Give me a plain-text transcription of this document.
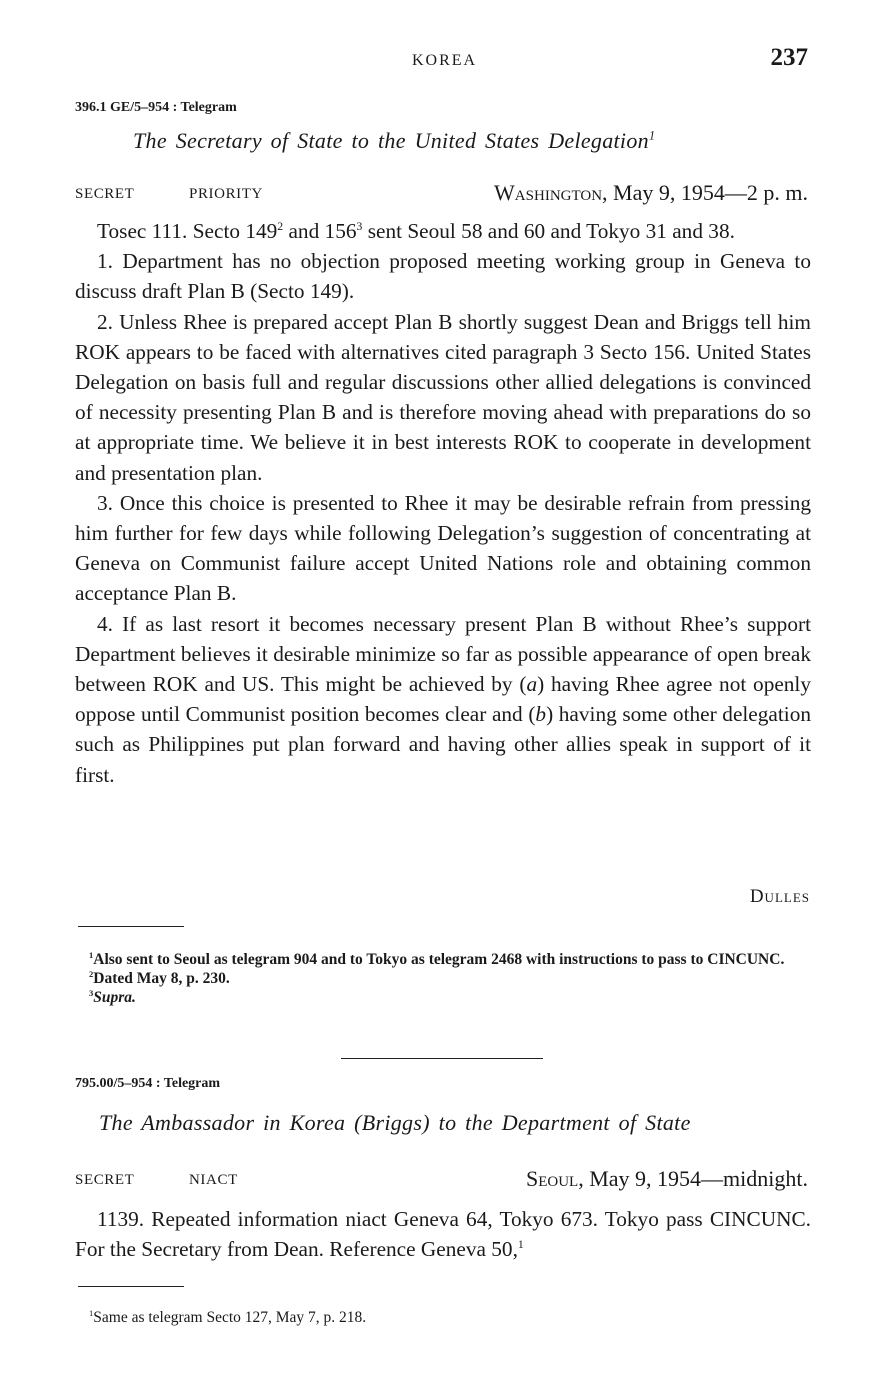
KOREA	237
396.1 GE/5–954 : Telegram
The Secretary of State to the United States Delegation$^1$
SECRET	PRIORITY	Washington, May 9, 1954—2 p. m.

Tosec 111. Secto $149^2$ and $156^3$ sent Seoul 58 and 60 and Tokyo 31 and 38.

1. Department has no objection proposed meeting working group in Geneva to discuss draft Plan B (Secto 149).

2. Unless Rhee is prepared accept Plan B shortly suggest Dean and Briggs tell him ROK appears to be faced with alternatives cited paragraph 3 Secto 156. United States Delegation on basis full and regular discussions other allied delegations is convinced of necessity presenting Plan B and is therefore moving ahead with preparations do so at appropriate time. We believe it in best interests ROK to cooperate in development and presentation plan.

3. Once this choice is presented to Rhee it may be desirable refrain from pressing him further for few days while following Delegation’s suggestion of concentrating at Geneva on Communist failure accept United Nations role and obtaining common acceptance Plan B.

4. If as last resort it becomes necessary present Plan B without Rhee’s support Department believes it desirable minimize so far as possible appearance of open break between ROK and US. This might be achieved by (a) having Rhee agree not openly oppose until Communist position becomes clear and (b) having some other delegation such as Philippines put plan forward and having other allies speak in support of it first.

Dulles
$^1$Also sent to Seoul as telegram 904 and to Tokyo as telegram 2468 with instructions to pass to CINCUNC.
$^2$Dated May 8, p. 230.
$^3$Supra.
795.00/5–954 : Telegram
The Ambassador in Korea (Briggs) to the Department of State
SECRET	NIACT	Seoul, May 9, 1954—midnight.

1139. Repeated information niact Geneva 64, Tokyo 673. Tokyo pass CINCUNC. For the Secretary from Dean. Reference Geneva 50,$^1$

$^1$Same as telegram Secto 127, May 7, p. 218.
